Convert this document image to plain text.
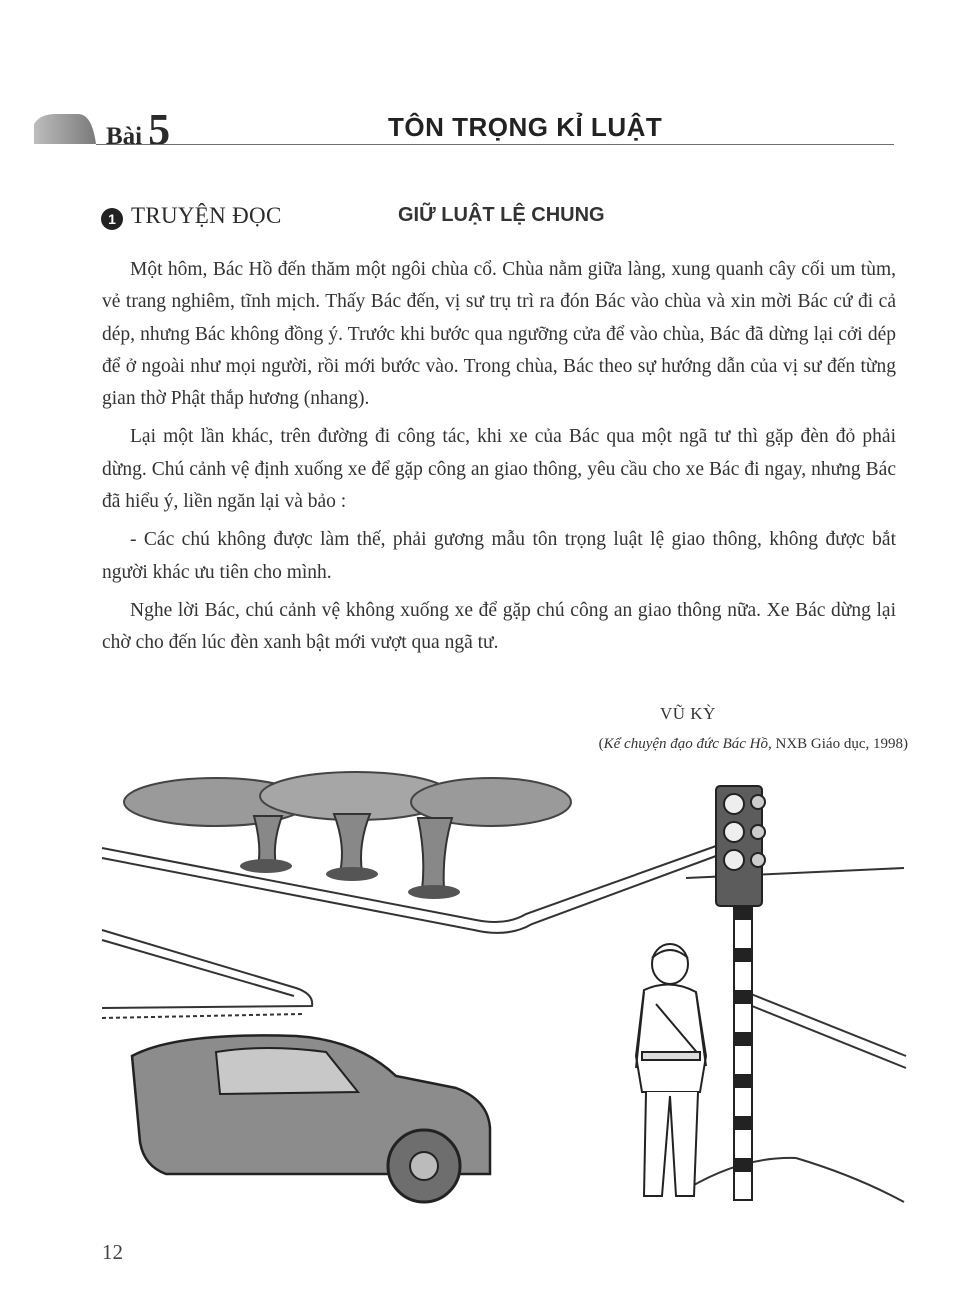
Bài 5	TÔN TRỌNG KỈ LUẬT
1 TRUYỆN ĐỌC	GIỮ LUẬT LỆ CHUNG

Một hôm, Bác Hồ đến thăm một ngôi chùa cổ. Chùa nằm giữa làng, xung quanh cây cối um tùm, vẻ trang nghiêm, tĩnh mịch. Thấy Bác đến, vị sư trụ trì ra đón Bác vào chùa và xin mời Bác cứ đi cả dép, nhưng Bác không đồng ý. Trước khi bước qua ngưỡng cửa để vào chùa, Bác đã dừng lại cởi dép để ở ngoài như mọi người, rồi mới bước vào. Trong chùa, Bác theo sự hướng dẫn của vị sư đến từng gian thờ Phật thắp hương (nhang).

Lại một lần khác, trên đường đi công tác, khi xe của Bác qua một ngã tư thì gặp đèn đỏ phải dừng. Chú cảnh vệ định xuống xe để gặp công an giao thông, yêu cầu cho xe Bác đi ngay, nhưng Bác đã hiểu ý, liền ngăn lại và bảo :

- Các chú không được làm thế, phải gương mẫu tôn trọng luật lệ giao thông, không được bắt người khác ưu tiên cho mình.

Nghe lời Bác, chú cảnh vệ không xuống xe để gặp chú công an giao thông nữa. Xe Bác dừng lại chờ cho đến lúc đèn xanh bật mới vượt qua ngã tư.

VŨ KỲ
(Kể chuyện đạo đức Bác Hồ, NXB Giáo dục, 1998)
12
